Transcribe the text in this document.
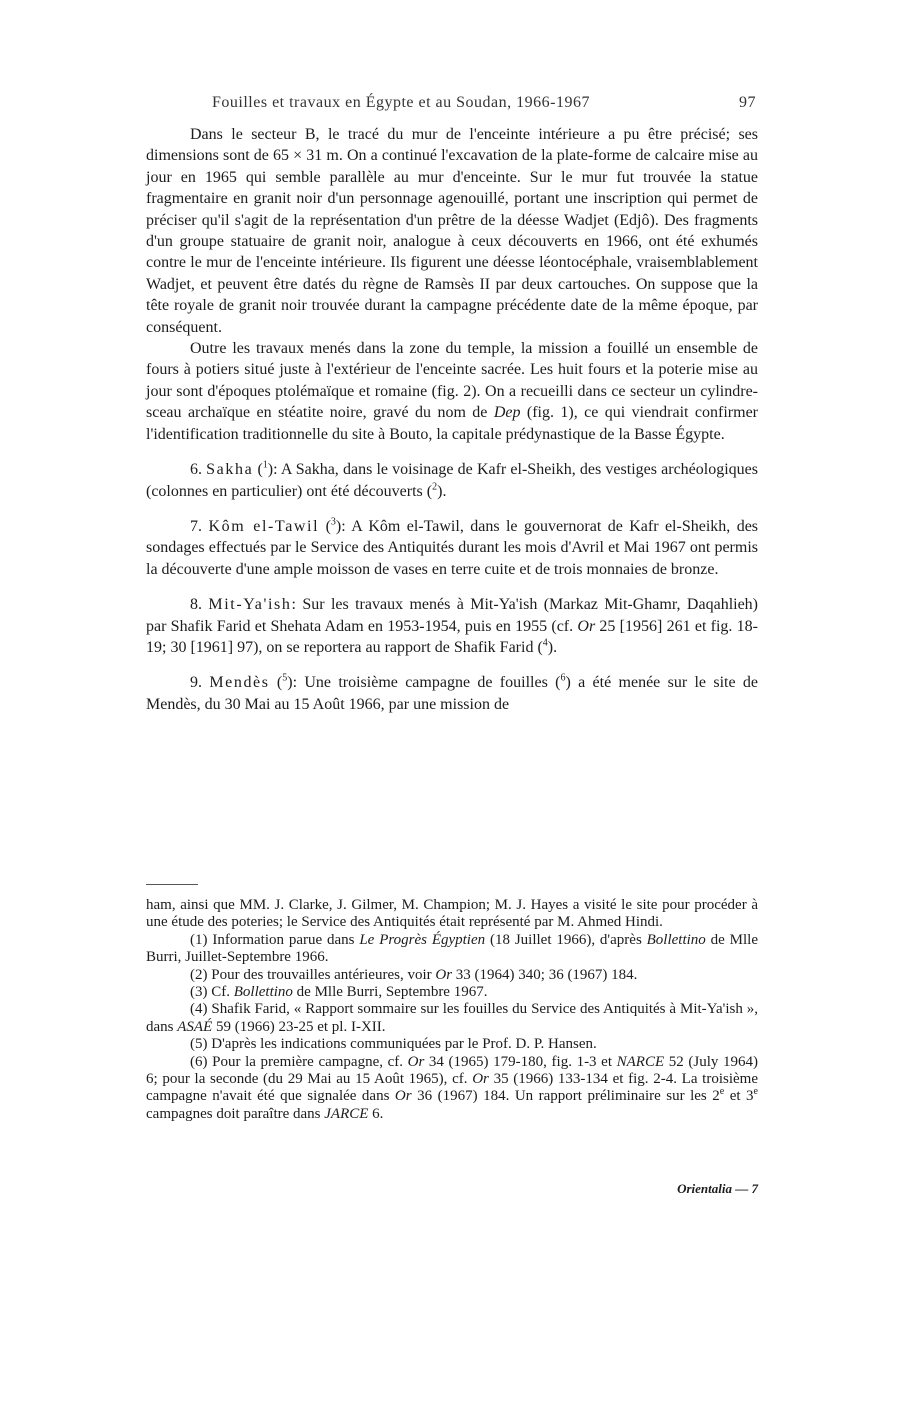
Fouilles et travaux en Égypte et au Soudan, 1966-1967	97

Dans le secteur B, le tracé du mur de l'enceinte intérieure a pu être précisé; ses dimensions sont de 65 × 31 m. On a continué l'excavation de la plate-forme de calcaire mise au jour en 1965 qui semble parallèle au mur d'enceinte. Sur le mur fut trouvée la statue fragmentaire en granit noir d'un personnage agenouillé, portant une inscription qui permet de préciser qu'il s'agit de la représentation d'un prêtre de la déesse Wadjet (Edjô). Des fragments d'un groupe statuaire de granit noir, analogue à ceux découverts en 1966, ont été exhumés contre le mur de l'enceinte intérieure. Ils figurent une déesse léontocéphale, vraisemblablement Wadjet, et peuvent être datés du règne de Ramsès II par deux cartouches. On suppose que la tête royale de granit noir trouvée durant la campagne précédente date de la même époque, par conséquent.

Outre les travaux menés dans la zone du temple, la mission a fouillé un ensemble de fours à potiers situé juste à l'extérieur de l'enceinte sacrée. Les huit fours et la poterie mise au jour sont d'époques ptolémaïque et romaine (fig. 2). On a recueilli dans ce secteur un cylindre-sceau archaïque en stéatite noire, gravé du nom de Dep (fig. 1), ce qui viendrait confirmer l'identification traditionnelle du site à Bouto, la capitale prédynastique de la Basse Égypte.

6. Sakha ($^1$): A Sakha, dans le voisinage de Kafr el-Sheikh, des vestiges archéologiques (colonnes en particulier) ont été découverts ($^2$).

7. Kôm el-Tawil ($^3$): A Kôm el-Tawil, dans le gouvernorat de Kafr el-Sheikh, des sondages effectués par le Service des Antiquités durant les mois d'Avril et Mai 1967 ont permis la découverte d'une ample moisson de vases en terre cuite et de trois monnaies de bronze.

8. Mit-Ya'ish: Sur les travaux menés à Mit-Ya'ish (Markaz Mit-Ghamr, Daqahlieh) par Shafik Farid et Shehata Adam en 1953-1954, puis en 1955 (cf. Or 25 [1956] 261 et fig. 18-19; 30 [1961] 97), on se reportera au rapport de Shafik Farid ($^4$).

9. Mendès ($^5$): Une troisième campagne de fouilles ($^6$) a été menée sur le site de Mendès, du 30 Mai au 15 Août 1966, par une mission de

ham, ainsi que MM. J. Clarke, J. Gilmer, M. Champion; M. J. Hayes a visité le site pour procéder à une étude des poteries; le Service des Antiquités était représenté par M. Ahmed Hindi.

(1) Information parue dans Le Progrès Égyptien (18 Juillet 1966), d'après Bollettino de Mlle Burri, Juillet-Septembre 1966.

(2) Pour des trouvailles antérieures, voir Or 33 (1964) 340; 36 (1967) 184.

(3) Cf. Bollettino de Mlle Burri, Septembre 1967.

(4) Shafik Farid, « Rapport sommaire sur les fouilles du Service des Antiquités à Mit-Ya'ish », dans ASAÉ 59 (1966) 23-25 et pl. I-XII.

(5) D'après les indications communiquées par le Prof. D. P. Hansen.

(6) Pour la première campagne, cf. Or 34 (1965) 179-180, fig. 1-3 et NARCE 52 (July 1964) 6; pour la seconde (du 29 Mai au 15 Août 1965), cf. Or 35 (1966) 133-134 et fig. 2-4. La troisième campagne n'avait été que signalée dans Or 36 (1967) 184. Un rapport préliminaire sur les 2e et 3e campagnes doit paraître dans JARCE 6.

Orientalia — 7
